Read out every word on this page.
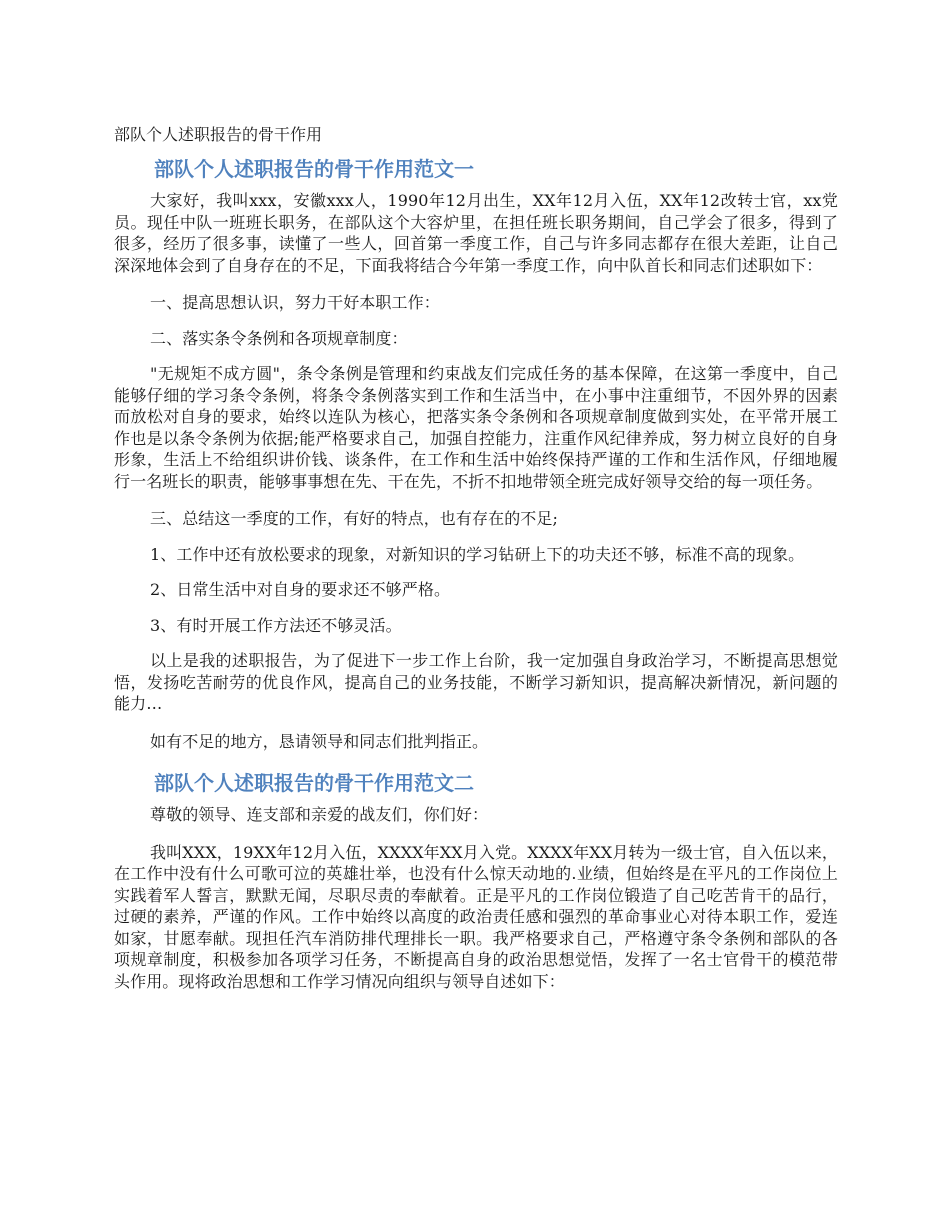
部队个人述职报告的骨干作用
部队个人述职报告的骨干作用范文一

大家好，我叫xxx，安徽xxx人，1990年12月出生，XX年12月入伍，XX年12改转士官，xx党员。现任中队一班班长职务，在部队这个大容炉里，在担任班长职务期间，自己学会了很多，得到了很多，经历了很多事，读懂了一些人，回首第一季度工作，自己与许多同志都存在很大差距，让自己深深地体会到了自身存在的不足，下面我将结合今年第一季度工作，向中队首长和同志们述职如下：

一、提高思想认识，努力干好本职工作：

二、落实条令条例和各项规章制度：

"无规矩不成方圆"，条令条例是管理和约束战友们完成任务的基本保障，在这第一季度中，自己能够仔细的学习条令条例，将条令条例落实到工作和生活当中，在小事中注重细节，不因外界的因素而放松对自身的要求，始终以连队为核心，把落实条令条例和各项规章制度做到实处，在平常开展工作也是以条令条例为依据;能严格要求自己，加强自控能力，注重作风纪律养成，努力树立良好的自身形象，生活上不给组织讲价钱、谈条件，在工作和生活中始终保持严谨的工作和生活作风，仔细地履行一名班长的职责，能够事事想在先、干在先，不折不扣地带领全班完成好领导交给的每一项任务。

三、总结这一季度的工作，有好的特点，也有存在的不足;

1、工作中还有放松要求的现象，对新知识的学习钻研上下的功夫还不够，标准不高的现象。

2、日常生活中对自身的要求还不够严格。

3、有时开展工作方法还不够灵活。

以上是我的述职报告，为了促进下一步工作上台阶，我一定加强自身政治学习，不断提高思想觉悟，发扬吃苦耐劳的优良作风，提高自己的业务技能，不断学习新知识，提高解决新情况，新问题的能力…

如有不足的地方，恳请领导和同志们批判指正。

部队个人述职报告的骨干作用范文二

尊敬的领导、连支部和亲爱的战友们，你们好：

我叫XXX，19XX年12月入伍，XXXX年XX月入党。XXXX年XX月转为一级士官，自入伍以来，在工作中没有什么可歌可泣的英雄壮举，也没有什么惊天动地的.业绩，但始终是在平凡的工作岗位上实践着军人誓言，默默无闻，尽职尽责的奉献着。正是平凡的工作岗位锻造了自己吃苦肯干的品行，过硬的素养，严谨的作风。工作中始终以高度的政治责任感和强烈的革命事业心对待本职工作，爱连如家，甘愿奉献。现担任汽车消防排代理排长一职。我严格要求自己，严格遵守条令条例和部队的各项规章制度，积极参加各项学习任务，不断提高自身的政治思想觉悟，发挥了一名士官骨干的模范带头作用。现将政治思想和工作学习情况向组织与领导自述如下：
